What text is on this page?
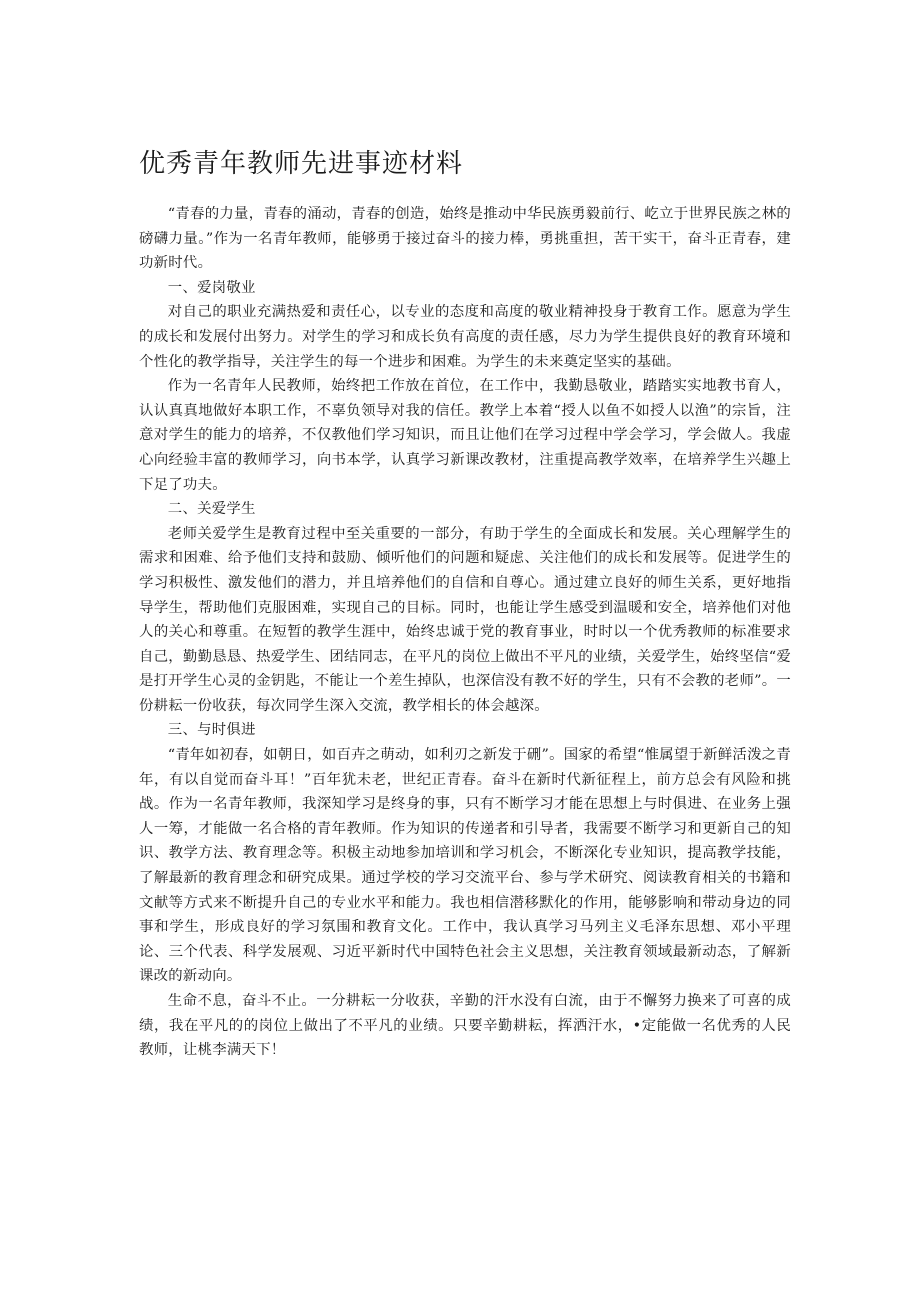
优秀青年教师先进事迹材料

“青春的力量，青春的涌动，青春的创造，始终是推动中华民族勇毅前行、屹立于世界民族之林的磅礴力量。”作为一名青年教师，能够勇于接过奋斗的接力棒，勇挑重担，苦干实干，奋斗正青春，建功新时代。

一、爱岗敬业

对自己的职业充满热爱和责任心，以专业的态度和高度的敬业精神投身于教育工作。愿意为学生的成长和发展付出努力。对学生的学习和成长负有高度的责任感，尽力为学生提供良好的教育环境和个性化的教学指导，关注学生的每一个进步和困难。为学生的未来奠定坚实的基础。

作为一名青年人民教师，始终把工作放在首位，在工作中，我勤恳敬业，踏踏实实地教书育人，认认真真地做好本职工作，不辜负领导对我的信任。教学上本着“授人以鱼不如授人以渔”的宗旨，注意对学生的能力的培养，不仅教他们学习知识，而且让他们在学习过程中学会学习，学会做人。我虚心向经验丰富的教师学习，向书本学，认真学习新课改教材，注重提高教学效率，在培养学生兴趣上下足了功夫。

二、关爱学生

老师关爱学生是教育过程中至关重要的一部分，有助于学生的全面成长和发展。关心理解学生的需求和困难、给予他们支持和鼓励、倾听他们的问题和疑虑、关注他们的成长和发展等。促进学生的学习积极性、激发他们的潜力，并且培养他们的自信和自尊心。通过建立良好的师生关系，更好地指导学生，帮助他们克服困难，实现自己的目标。同时，也能让学生感受到温暖和安全，培养他们对他人的关心和尊重。在短暂的教学生涯中，始终忠诚于党的教育事业，时时以一个优秀教师的标准要求自己，勤勤恳恳、热爱学生、团结同志，在平凡的岗位上做出不平凡的业绩，关爱学生，始终坚信“爱是打开学生心灵的金钥匙，不能让一个差生掉队，也深信没有教不好的学生，只有不会教的老师”。一份耕耘一份收获，每次同学生深入交流，教学相长的体会越深。

三、与时俱进

“青年如初春，如朝日，如百卉之萌动，如利刃之新发于硎”。国家的希望“惟属望于新鲜活泼之青年，有以自觉而奋斗耳！”百年犹未老，世纪正青春。奋斗在新时代新征程上，前方总会有风险和挑战。作为一名青年教师，我深知学习是终身的事，只有不断学习才能在思想上与时俱进、在业务上强人一筹，才能做一名合格的青年教师。作为知识的传递者和引导者，我需要不断学习和更新自己的知识、教学方法、教育理念等。积极主动地参加培训和学习机会，不断深化专业知识，提高教学技能，了解最新的教育理念和研究成果。通过学校的学习交流平台、参与学术研究、阅读教育相关的书籍和文献等方式来不断提升自己的专业水平和能力。我也相信潜移默化的作用，能够影响和带动身边的同事和学生，形成良好的学习氛围和教育文化。工作中，我认真学习马列主义毛泽东思想、邓小平理论、三个代表、科学发展观、习近平新时代中国特色社会主义思想，关注教育领域最新动态，了解新课改的新动向。

生命不息，奋斗不止。一分耕耘一分收获，辛勤的汗水没有白流，由于不懈努力换来了可喜的成绩，我在平凡的的岗位上做出了不平凡的业绩。只要辛勤耕耘，挥洒汗水，•定能做一名优秀的人民教师，让桃李满天下！
